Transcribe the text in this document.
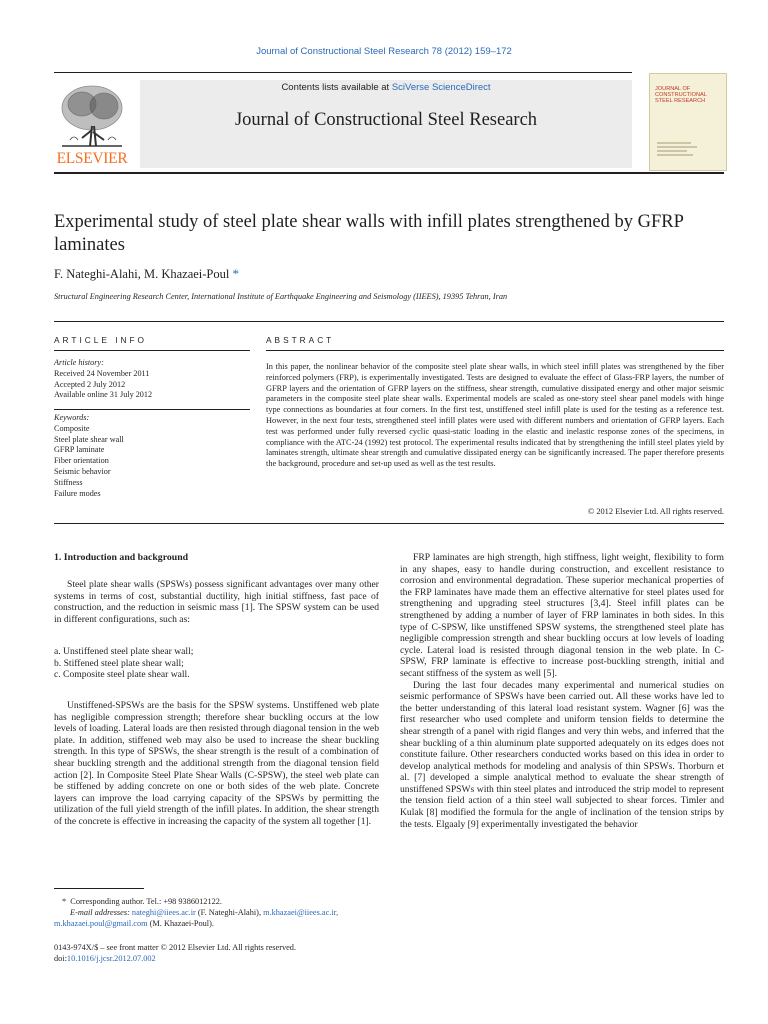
Journal of Constructional Steel Research 78 (2012) 159–172
ELSEVIER
Contents lists available at SciVerse ScienceDirect
Journal of Constructional Steel Research
JOURNAL OF CONSTRUCTIONAL STEEL RESEARCH
Experimental study of steel plate shear walls with infill plates strengthened by GFRP laminates
F. Nateghi-Alahi, M. Khazaei-Poul *
Structural Engineering Research Center, International Institute of Earthquake Engineering and Seismology (IIEES), 19395 Tehran, Iran
ARTICLE INFO
Article history:
Received 24 November 2011
Accepted 2 July 2012
Available online 31 July 2012
Keywords:
Composite
Steel plate shear wall
GFRP laminate
Fiber orientation
Seismic behavior
Stiffness
Failure modes
ABSTRACT
In this paper, the nonlinear behavior of the composite steel plate shear walls, in which steel infill plates was strengthened by the fiber reinforced polymers (FRP), is experimentally investigated. Tests are designed to evaluate the effect of Glass-FRP layers, the number of GFRP layers and the orientation of GFRP layers on the stiffness, shear strength, cumulative dissipated energy and other major seismic parameters in the composite steel plate shear walls. Experimental models are scaled as one-story steel shear panel models with hinge type connections as boundaries at four corners. In the first test, unstiffened steel infill plate is used for the testing as a reference test. However, in the next four tests, strengthened steel infill plates were used with different numbers and orientation of GFRP layers. Each test was performed under fully reversed cyclic quasi-static loading in the elastic and inelastic response zones of the specimens, in compliance with the ATC-24 (1992) test protocol. The experimental results indicated that by strengthening the infill steel plates yield by laminates strength, ultimate shear strength and cumulative dissipated energy can be significantly increased. The paper therefore presents the background, procedure and set-up used as well as the test results.
© 2012 Elsevier Ltd. All rights reserved.
1. Introduction and background

Steel plate shear walls (SPSWs) possess significant advantages over many other systems in terms of cost, substantial ductility, high initial stiffness, fast pace of construction, and the reduction in seismic mass [1]. The SPSW system can be used in different configurations, such as:

a. Unstiffened steel plate shear wall;
b. Stiffened steel plate shear wall;
c. Composite steel plate shear wall.

Unstiffened-SPSWs are the basis for the SPSW systems. Unstiffened web plate has negligible compression strength; therefore shear buckling occurs at the low levels of loading. Lateral loads are then resisted through diagonal tension in the web plate. In addition, stiffened web may also be used to increase the shear buckling strength. In this type of SPSWs, the shear strength is the result of a combination of shear buckling strength and the additional strength from the diagonal tension field action [2]. In Composite Steel Plate Shear Walls (C-SPSW), the steel web plate can be stiffened by adding concrete on one or both sides of the web plate. Concrete layers can improve the load carrying capacity of the SPSWs by permitting the utilization of the full yield strength of the infill plates. In addition, the shear strength of the concrete is effective in increasing the capacity of the system all together [1].

FRP laminates are high strength, high stiffness, light weight, flexibility to form in any shapes, easy to handle during construction, and excellent resistance to corrosion and environmental degradation. These superior mechanical properties of the FRP laminates have made them an effective alternative for steel plates used for strengthening and upgrading steel structures [3,4]. Steel infill plates can be strengthened by adding a number of layer of FRP laminates in both sides. In this type of C-SPSW, like unstiffened SPSW systems, the strengthened steel plate has negligible compression strength and shear buckling occurs at low levels of loading cycle. Lateral load is resisted through diagonal tension in the web plate. In C-SPSW, FRP laminate is effective to increase post-buckling strength, initial and secant stiffness of the system as well [5].

During the last four decades many experimental and numerical studies on seismic performance of SPSWs have been carried out. All these works have led to the better understanding of this lateral load resistant system. Wagner [6] was the first researcher who used complete and uniform tension fields to determine the shear strength of a panel with rigid flanges and very thin webs, and inferred that the shear buckling of a thin aluminum plate supported adequately on its edges does not constitute failure. Other researchers conducted works based on this idea in order to develop analytical methods for modeling and analysis of thin SPSWs. Thorburn et al. [7] developed a simple analytical method to evaluate the shear strength of unstiffened SPSWs with thin steel plates and introduced the strip model to represent the tension field action of a thin steel wall subjected to shear forces. Timler and Kulak [8] modified the formula for the angle of inclination of the tension strips by the tests. Elgaaly [9] experimentally investigated the behavior

*  Corresponding author. Tel.: +98 9386012122.
E-mail addresses: nateghi@iiees.ac.ir (F. Nateghi-Alahi), m.khazaei@iiees.ac.ir,
m.khazaei.poul@gmail.com (M. Khazaei-Poul).
0143-974X/$ – see front matter © 2012 Elsevier Ltd. All rights reserved.
doi:10.1016/j.jcsr.2012.07.002
